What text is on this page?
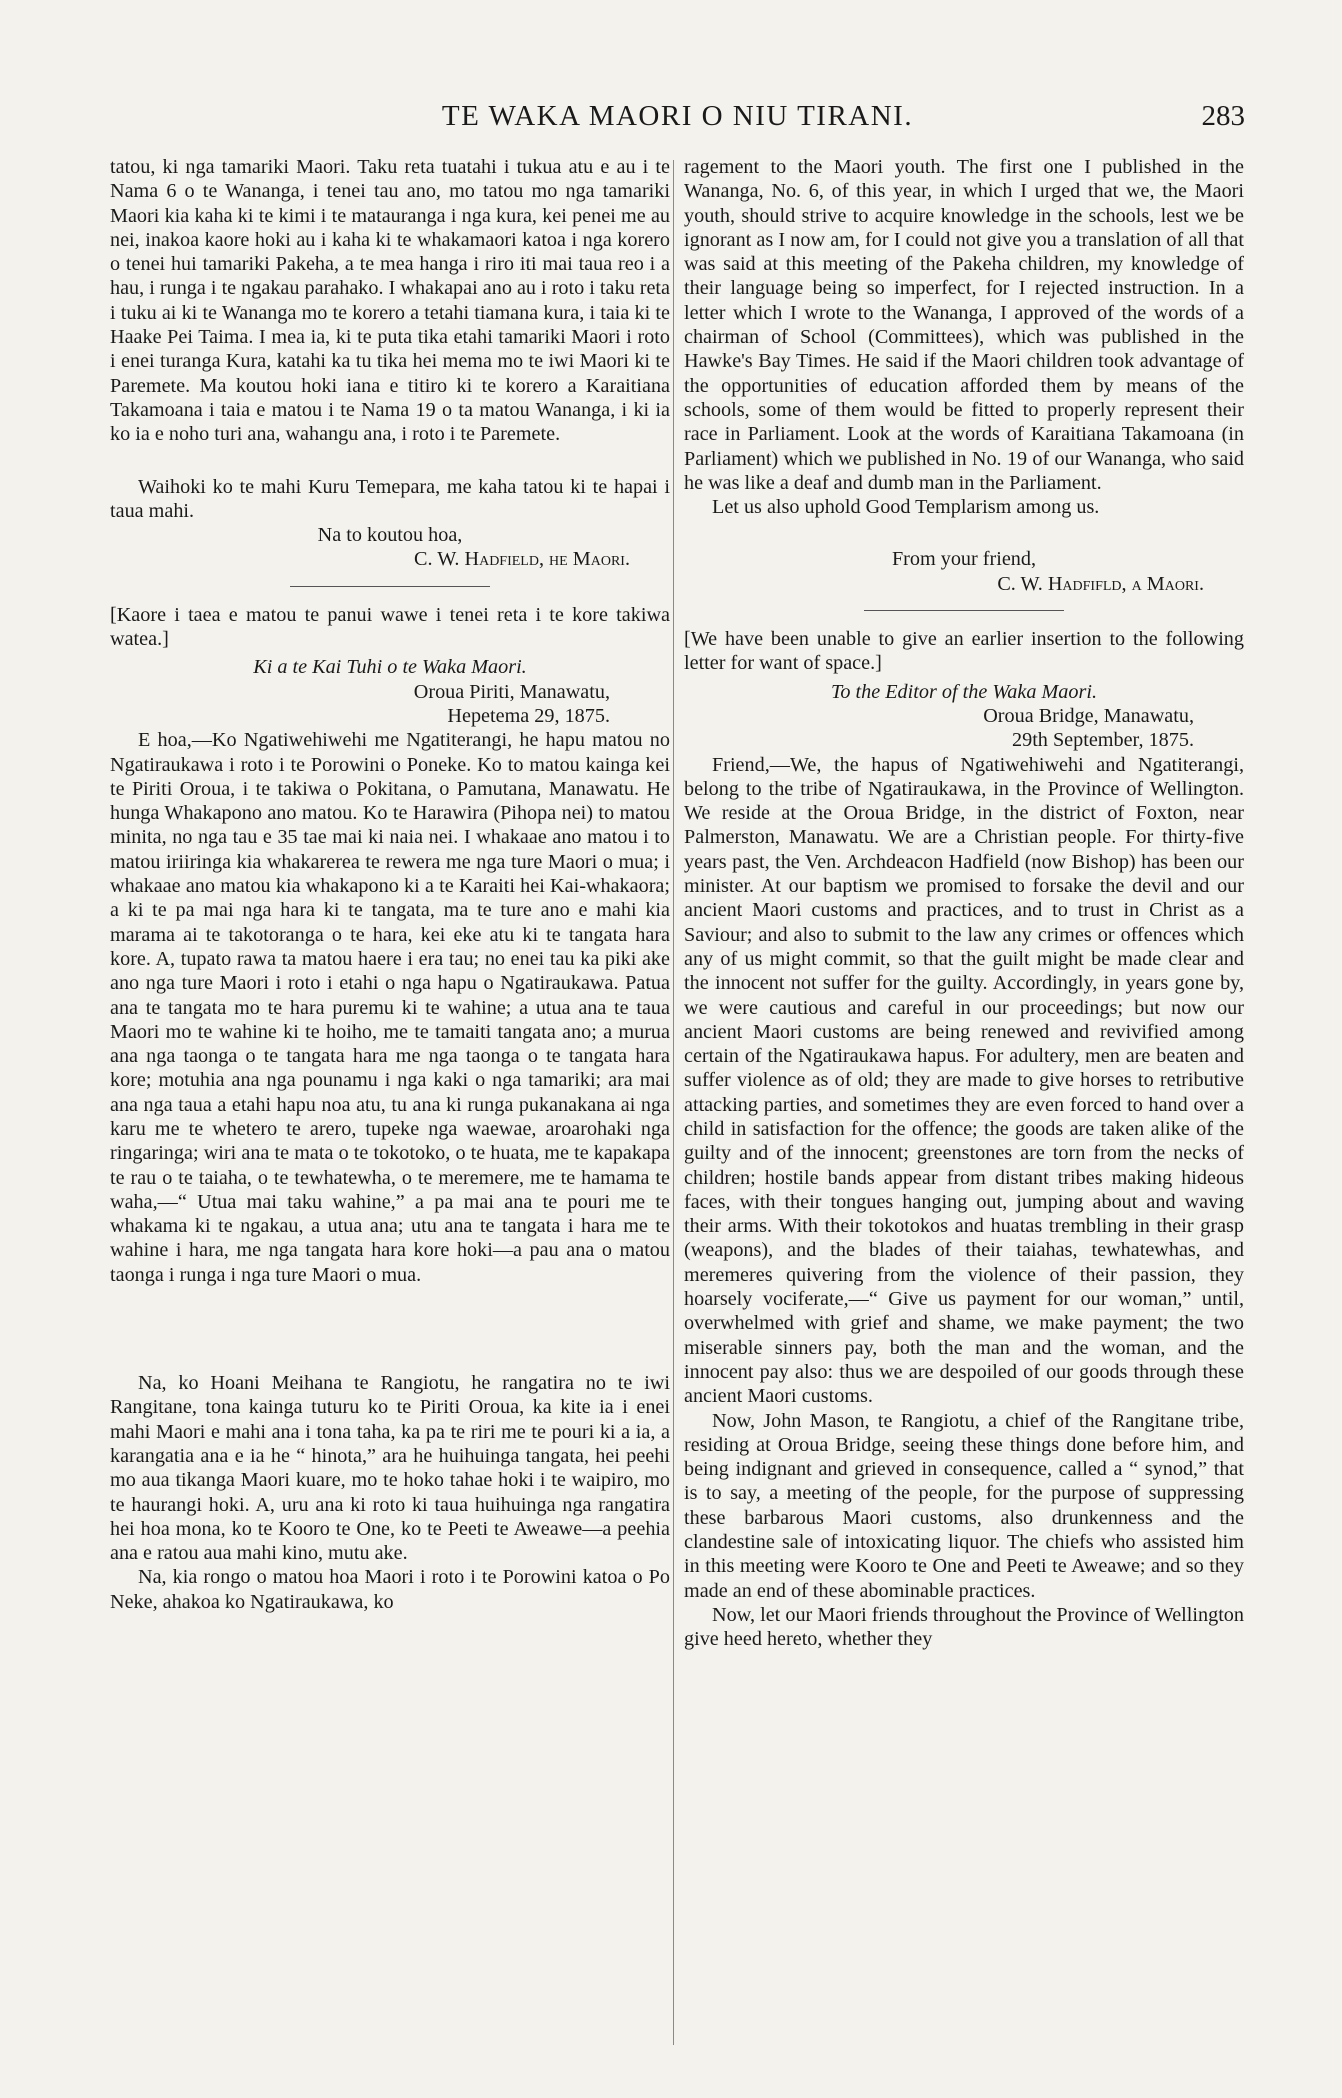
TE WAKA MAORI O NIU TIRANI.	283

tatou, ki nga tamariki Maori. Taku reta tuatahi i tukua atu e au i te Nama 6 o te Wananga, i tenei tau ano, mo tatou mo nga tamariki Maori kia kaha ki te kimi i te matauranga i nga kura, kei penei me au nei, inakoa kaore hoki au i kaha ki te whakamaori katoa i nga korero o tenei hui tamariki Pakeha, a te mea hanga i riro iti mai taua reo i a hau, i runga i te ngakau parahako. I whakapai ano au i roto i taku reta i tuku ai ki te Wananga mo te korero a tetahi tiamana kura, i taia ki te Haake Pei Taima. I mea ia, ki te puta tika etahi tamariki Maori i roto i enei turanga Kura, katahi ka tu tika hei mema mo te iwi Maori ki te Paremete. Ma koutou hoki iana e titiro ki te korero a Karaitiana Takamoana i taia e matou i te Nama 19 o ta matou Wananga, i ki ia ko ia e noho turi ana, wahangu ana, i roto i te Paremete.

Waihoki ko te mahi Kuru Temepara, me kaha tatou ki te hapai i taua mahi.

Na to koutou hoa,

C. W. Hadfield, he Maori.

[Kaore i taea e matou te panui wawe i tenei reta i te kore takiwa watea.]

Ki a te Kai Tuhi o te Waka Maori.

Oroua Piriti, Manawatu,

Hepetema 29, 1875.

E hoa,—Ko Ngatiwehiwehi me Ngatiterangi, he hapu matou no Ngatiraukawa i roto i te Porowini o Poneke. Ko to matou kainga kei te Piriti Oroua, i te takiwa o Pokitana, o Pamutana, Manawatu. He hunga Whakapono ano matou. Ko te Harawira (Pihopa nei) to matou minita, no nga tau e 35 tae mai ki naia nei. I whakaae ano matou i to matou iriiringa kia whakarerea te rewera me nga ture Maori o mua; i whakaae ano matou kia whakapono ki a te Karaiti hei Kai-whakaora; a ki te pa mai nga hara ki te tangata, ma te ture ano e mahi kia marama ai te takotoranga o te hara, kei eke atu ki te tangata hara kore. A, tupato rawa ta matou haere i era tau; no enei tau ka piki ake ano nga ture Maori i roto i etahi o nga hapu o Ngatiraukawa. Patua ana te tangata mo te hara puremu ki te wahine; a utua ana te taua Maori mo te wahine ki te hoiho, me te tamaiti tangata ano; a murua ana nga taonga o te tangata hara me nga taonga o te tangata hara kore; motuhia ana nga pounamu i nga kaki o nga tamariki; ara mai ana nga taua a etahi hapu noa atu, tu ana ki runga pukanakana ai nga karu me te whetero te arero, tupeke nga waewae, aroarohaki nga ringaringa; wiri ana te mata o te tokotoko, o te huata, me te kapakapa te rau o te taiaha, o te tewhatewha, o te meremere, me te hamama te waha,—“ Utua mai taku wahine,” a pa mai ana te pouri me te whakama ki te ngakau, a utua ana; utu ana te tangata i hara me te wahine i hara, me nga tangata hara kore hoki—a pau ana o matou taonga i runga i nga ture Maori o mua.

Na, ko Hoani Meihana te Rangiotu, he rangatira no te iwi Rangitane, tona kainga tuturu ko te Piriti Oroua, ka kite ia i enei mahi Maori e mahi ana i tona taha, ka pa te riri me te pouri ki a ia, a karangatia ana e ia he “ hinota,” ara he huihuinga tangata, hei peehi mo aua tikanga Maori kuare, mo te hoko tahae hoki i te waipiro, mo te haurangi hoki. A, uru ana ki roto ki taua huihuinga nga rangatira hei hoa mona, ko te Kooro te One, ko te Peeti te Aweawe—a peehia ana e ratou aua mahi kino, mutu ake.

Na, kia rongo o matou hoa Maori i roto i te Porowini katoa o Po Neke, ahakoa ko Ngatiraukawa, ko

ragement to the Maori youth. The first one I published in the Wananga, No. 6, of this year, in which I urged that we, the Maori youth, should strive to acquire knowledge in the schools, lest we be ignorant as I now am, for I could not give you a translation of all that was said at this meeting of the Pakeha children, my knowledge of their language being so imperfect, for I rejected instruction. In a letter which I wrote to the Wananga, I approved of the words of a chairman of School (Committees), which was published in the Hawke's Bay Times. He said if the Maori children took advantage of the opportunities of education afforded them by means of the schools, some of them would be fitted to properly represent their race in Parliament. Look at the words of Karaitiana Takamoana (in Parliament) which we published in No. 19 of our Wananga, who said he was like a deaf and dumb man in the Parliament.

Let us also uphold Good Templarism among us.

From your friend,

C. W. Hadfifld, a Maori.

[We have been unable to give an earlier insertion to the following letter for want of space.]

To the Editor of the Waka Maori.

Oroua Bridge, Manawatu,

29th September, 1875.

Friend,—We, the hapus of Ngatiwehiwehi and Ngatiterangi, belong to the tribe of Ngatiraukawa, in the Province of Wellington. We reside at the Oroua Bridge, in the district of Foxton, near Palmerston, Manawatu. We are a Christian people. For thirty-five years past, the Ven. Archdeacon Hadfield (now Bishop) has been our minister. At our baptism we promised to forsake the devil and our ancient Maori customs and practices, and to trust in Christ as a Saviour; and also to submit to the law any crimes or offences which any of us might commit, so that the guilt might be made clear and the innocent not suffer for the guilty. Accordingly, in years gone by, we were cautious and careful in our proceedings; but now our ancient Maori customs are being renewed and revivified among certain of the Ngatiraukawa hapus. For adultery, men are beaten and suffer violence as of old; they are made to give horses to retributive attacking parties, and sometimes they are even forced to hand over a child in satisfaction for the offence; the goods are taken alike of the guilty and of the innocent; greenstones are torn from the necks of children; hostile bands appear from distant tribes making hideous faces, with their tongues hanging out, jumping about and waving their arms. With their tokotokos and huatas trembling in their grasp (weapons), and the blades of their taiahas, tewhatewhas, and meremeres quivering from the violence of their passion, they hoarsely vociferate,—“ Give us payment for our woman,” until, overwhelmed with grief and shame, we make payment; the two miserable sinners pay, both the man and the woman, and the innocent pay also: thus we are despoiled of our goods through these ancient Maori customs.

Now, John Mason, te Rangiotu, a chief of the Rangitane tribe, residing at Oroua Bridge, seeing these things done before him, and being indignant and grieved in consequence, called a “ synod,” that is to say, a meeting of the people, for the purpose of suppressing these barbarous Maori customs, also drunkenness and the clandestine sale of intoxicating liquor. The chiefs who assisted him in this meeting were Kooro te One and Peeti te Aweawe; and so they made an end of these abominable practices.

Now, let our Maori friends throughout the Province of Wellington give heed hereto, whether they
